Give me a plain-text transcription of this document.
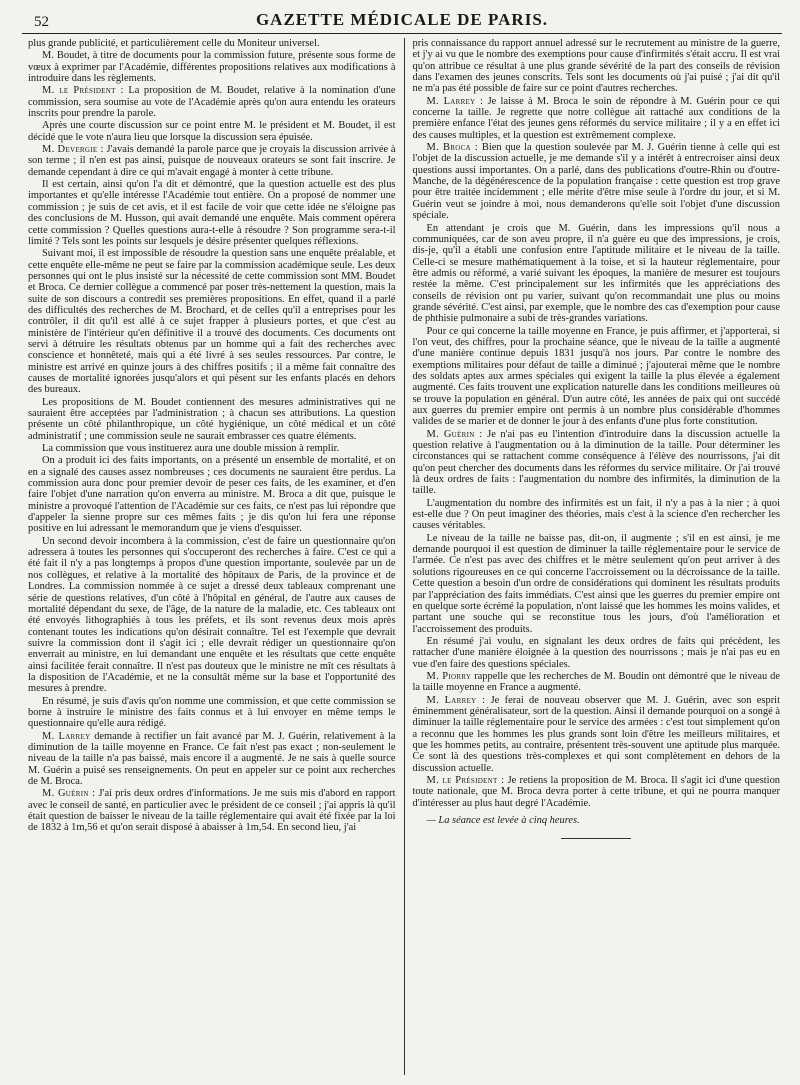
52	GAZETTE MÉDICALE DE PARIS.

plus grande publicité, et particulièrement celle du Moniteur universel.

M. Boudet, à titre de documents pour la commission future, présente sous forme de vœux à exprimer par l'Académie, différentes propositions relatives aux modifications à introduire dans les règlements.

M. le Président : La proposition de M. Boudet, relative à la nomination d'une commission, sera soumise au vote de l'Académie après qu'on aura entendu les orateurs inscrits pour prendre la parole.

Après une courte discussion sur ce point entre M. le président et M. Boudet, il est décidé que le vote n'aura lieu que lorsque la discussion sera épuisée.

M. Devergie : J'avais demandé la parole parce que je croyais la discussion arrivée à son terme ; il n'en est pas ainsi, puisque de nouveaux orateurs se sont fait inscrire. Je demande cependant à dire ce qui m'avait engagé à monter à cette tribune.

Il est certain, ainsi qu'on l'a dit et démontré, que la question actuelle est des plus importantes et qu'elle intéresse l'Académie tout entière. On a proposé de nommer une commission ; je suis de cet avis, et il est facile de voir que cette idée ne s'éloigne pas des conclusions de M. Husson, qui avait demandé une enquête. Mais comment opérera cette commission ? Quelles questions aura-t-elle à résoudre ? Son programme sera-t-il limité ? Tels sont les points sur lesquels je désire présenter quelques réflexions.

Suivant moi, il est impossible de résoudre la question sans une enquête préalable, et cette enquête elle-même ne peut se faire par la commission académique seule. Les deux personnes qui ont le plus insisté sur la nécessité de cette commission sont MM. Boudet et Broca. Ce dernier collègue a commencé par poser très-nettement la question, mais la suite de son discours a contredit ses premières propositions. En effet, quand il a parlé des difficultés des recherches de M. Brochard, et de celles qu'il a entreprises pour les contrôler, il dit qu'il est allé à ce sujet frapper à plusieurs portes, et que c'est au ministère de l'intérieur qu'en définitive il a trouvé des documents. Ces documents ont servi à détruire les résultats obtenus par un homme qui a fait des recherches avec conscience et honnêteté, mais qui a été livré à ses seules ressources. Par contre, le ministre est arrivé en quinze jours à des chiffres positifs ; il a même fait connaître des causes de mortalité ignorées jusqu'alors et qui pèsent sur les enfants placés en dehors des bureaux.

Les propositions de M. Boudet contiennent des mesures administratives qui ne sauraient être acceptées par l'administration ; à chacun ses attributions. La question présente un côté philanthropique, un côté hygiénique, un côté médical et un côté administratif ; une commission seule ne saurait embrasser ces quatre éléments.

La commission que vous instituerez aura une double mission à remplir.

On a produit ici des faits importants, on a présenté un ensemble de mortalité, et on en a signalé des causes assez nombreuses ; ces documents ne sauraient être perdus. La commission aura donc pour premier devoir de peser ces faits, de les examiner, et d'en faire l'objet d'une narration qu'on enverra au ministre. M. Broca a dit que, puisque le ministre a provoqué l'attention de l'Académie sur ces faits, ce n'est pas lui répondre que d'appeler la sienne propre sur ces mêmes faits ; je dis qu'on lui fera une réponse positive en lui adressant le memorandum que je viens d'esquisser.

Un second devoir incombera à la commission, c'est de faire un questionnaire qu'on adressera à toutes les personnes qui s'occuperont des recherches à faire. C'est ce qui a été fait il n'y a pas longtemps à propos d'une question importante, soulevée par un de nos collègues, et relative à la mortalité des hôpitaux de Paris, de la province et de Londres. La commission nommée à ce sujet a dressé deux tableaux comprenant une série de questions relatives, d'un côté à l'hôpital en général, de l'autre aux causes de mortalité dépendant du sexe, de l'âge, de la nature de la maladie, etc. Ces tableaux ont été envoyés lithographiés à tous les préfets, et ils sont revenus deux mois après contenant toutes les indications qu'on désirait connaître. Tel est l'exemple que devrait suivre la commission dont il s'agit ici ; elle devrait rédiger un questionnaire qu'on enverrait au ministre, en lui demandant une enquête et les résultats que cette enquête ainsi facilitée ferait connaître. Il n'est pas douteux que le ministre ne mît ces résultats à la disposition de l'Académie, et ne la consultât même sur la base et l'opportunité des mesures à prendre.

En résumé, je suis d'avis qu'on nomme une commission, et que cette commission se borne à instruire le ministre des faits connus et à lui envoyer en même temps le questionnaire qu'elle aura rédigé.

M. Larrey demande à rectifier un fait avancé par M. J. Guérin, relativement à la diminution de la taille moyenne en France. Ce fait n'est pas exact ; non-seulement le niveau de la taille n'a pas baissé, mais encore il a augmenté. Je ne sais à quelle source M. Guérin a puisé ses renseignements. On peut en appeler sur ce point aux recherches de M. Broca.

M. Guérin : J'ai pris deux ordres d'informations. Je me suis mis d'abord en rapport avec le conseil de santé, en particulier avec le président de ce conseil ; j'ai appris là qu'il était question de baisser le niveau de la taille réglementaire qui avait été fixée par la loi de 1832 à 1m,56 et qu'on serait disposé à abaisser à 1m,54. En second lieu, j'ai

pris connaissance du rapport annuel adressé sur le recrutement au ministre de la guerre, et j'y ai vu que le nombre des exemptions pour cause d'infirmités s'était accru. Il est vrai qu'on attribue ce résultat à une plus grande sévérité de la part des conseils de révision dans l'examen des jeunes conscrits. Tels sont les documents où j'ai puisé ; j'ai dit qu'il ne m'a pas été possible de faire sur ce point d'autres recherches.

M. Larrey : Je laisse à M. Broca le soin de répondre à M. Guérin pour ce qui concerne la taille. Je regrette que notre collègue ait rattaché aux conditions de la première enfance l'état des jeunes gens réformés du service militaire ; il y a en effet ici des causes multiples, et la question est extrêmement complexe.

M. Broca : Bien que la question soulevée par M. J. Guérin tienne à celle qui est l'objet de la discussion actuelle, je me demande s'il y a intérêt à entrecroiser ainsi deux questions aussi importantes. On a parlé, dans des publications d'outre-Rhin ou d'outre-Manche, de la dégénérescence de la population française : cette question est trop grave pour être traitée incidemment ; elle mérite d'être mise seule à l'ordre du jour, et si M. Guérin veut se joindre à moi, nous demanderons qu'elle soit l'objet d'une discussion spéciale.

En attendant je crois que M. Guérin, dans les impressions qu'il nous a communiquées, car de son aveu propre, il n'a guère eu que des impressions, je crois, dis-je, qu'il a établi une confusion entre l'aptitude militaire et le niveau de la taille. Celle-ci se mesure mathématiquement à la toise, et si la hauteur réglementaire, pour être admis ou réformé, a varié suivant les époques, la manière de mesurer est toujours restée la même. C'est principalement sur les infirmités que les appréciations des conseils de révision ont pu varier, suivant qu'on recommandait une plus ou moins grande sévérité. C'est ainsi, par exemple, que le nombre des cas d'exemption pour cause de phthisie pulmonaire a subi de très-grandes variations.

Pour ce qui concerne la taille moyenne en France, je puis affirmer, et j'apporterai, si l'on veut, des chiffres, pour la prochaine séance, que le niveau de la taille a augmenté d'une manière continue depuis 1831 jusqu'à nos jours. Par contre le nombre des exemptions militaires pour défaut de taille a diminué ; j'ajouterai même que le nombre des soldats aptes aux armes spéciales qui exigent la taille la plus élevée a également augmenté. Ces faits trouvent une explication naturelle dans les conditions meilleures où se trouve la population en général. D'un autre côté, les années de paix qui ont succédé aux guerres du premier empire ont permis à un nombre plus considérable d'hommes valides de se marier et de donner le jour à des enfants d'une plus forte constitution.

M. Guérin : Je n'ai pas eu l'intention d'introduire dans la discussion actuelle la question relative à l'augmentation ou à la diminution de la taille. Pour déterminer les circonstances qui se rattachent comme conséquence à l'élève des nourrissons, j'ai dit qu'on peut chercher des documents dans les réformes du service militaire. Or j'ai trouvé là deux ordres de faits : l'augmentation du nombre des infirmités, la diminution de la taille.

L'augmentation du nombre des infirmités est un fait, il n'y a pas à la nier ; à quoi est-elle due ? On peut imaginer des théories, mais c'est à la science d'en rechercher les causes véritables.

Le niveau de la taille ne baisse pas, dit-on, il augmente ; s'il en est ainsi, je me demande pourquoi il est question de diminuer la taille réglementaire pour le service de l'armée. Ce n'est pas avec des chiffres et le mètre seulement qu'on peut arriver à des solutions rigoureuses en ce qui concerne l'accroissement ou la décroissance de la taille. Cette question a besoin d'un ordre de considérations qui dominent les résultats produits par l'appréciation des faits immédiats. C'est ainsi que les guerres du premier empire ont en quelque sorte écrémé la population, n'ont laissé que les hommes les moins valides, et partant une souche qui se reconstitue tous les jours, d'où l'amélioration et l'accroissement des produits.

En résumé j'ai voulu, en signalant les deux ordres de faits qui précèdent, les rattacher d'une manière éloignée à la question des nourrissons ; mais je n'ai pas eu en vue d'en faire des questions spéciales.

M. Piorry rappelle que les recherches de M. Boudin ont démontré que le niveau de la taille moyenne en France a augmenté.

M. Larrey : Je ferai de nouveau observer que M. J. Guérin, avec son esprit éminemment généralisateur, sort de la question. Ainsi il demande pourquoi on a songé à diminuer la taille réglementaire pour le service des armées : c'est tout simplement qu'on a reconnu que les hommes les plus grands sont loin d'être les meilleurs militaires, et que les hommes petits, au contraire, présentent très-souvent une aptitude plus marquée. Ce sont là des questions très-complexes et qui sont complètement en dehors de la discussion actuelle.

M. le Président : Je retiens la proposition de M. Broca. Il s'agit ici d'une question toute nationale, que M. Broca devra porter à cette tribune, et qui ne pourra manquer d'intéresser au plus haut degré l'Académie.

— La séance est levée à cinq heures.
